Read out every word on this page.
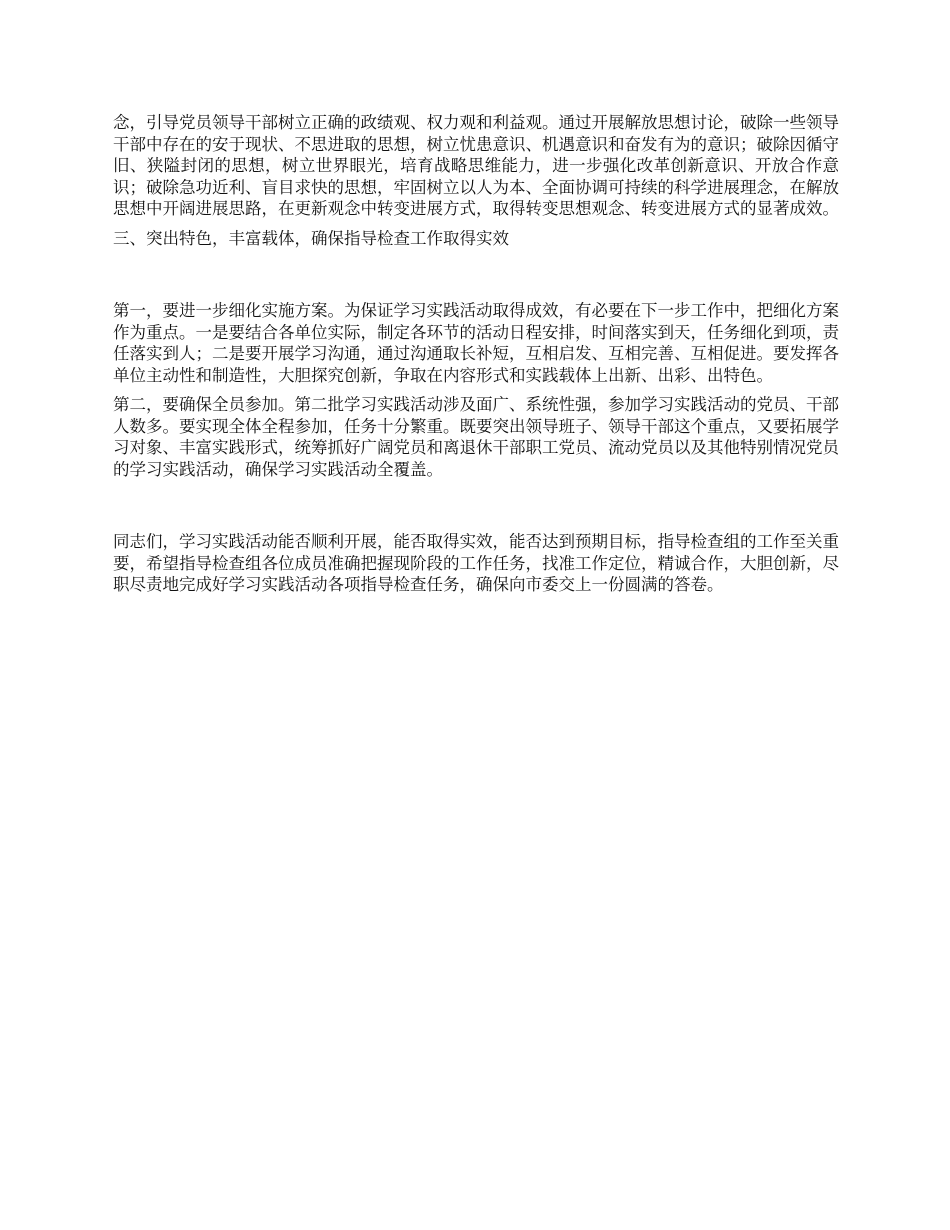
念，引导党员领导干部树立正确的政绩观、权力观和利益观。通过开展解放思想讨论，破除一些领导干部中存在的安于现状、不思进取的思想，树立忧患意识、机遇意识和奋发有为的意识；破除因循守旧、狭隘封闭的思想，树立世界眼光，培育战略思维能力，进一步强化改革创新意识、开放合作意识；破除急功近利、盲目求快的思想，牢固树立以人为本、全面协调可持续的科学进展理念，在解放思想中开阔进展思路，在更新观念中转变进展方式，取得转变思想观念、转变进展方式的显著成效。

三、突出特色，丰富载体，确保指导检查工作取得实效

第一，要进一步细化实施方案。为保证学习实践活动取得成效，有必要在下一步工作中，把细化方案作为重点。一是要结合各单位实际，制定各环节的活动日程安排，时间落实到天，任务细化到项，责任落实到人；二是要开展学习沟通，通过沟通取长补短，互相启发、互相完善、互相促进。要发挥各单位主动性和制造性，大胆探究创新，争取在内容形式和实践载体上出新、出彩、出特色。

第二，要确保全员参加。第二批学习实践活动涉及面广、系统性强，参加学习实践活动的党员、干部人数多。要实现全体全程参加，任务十分繁重。既要突出领导班子、领导干部这个重点，又要拓展学习对象、丰富实践形式，统筹抓好广阔党员和离退休干部职工党员、流动党员以及其他特别情况党员的学习实践活动，确保学习实践活动全覆盖。

同志们，学习实践活动能否顺利开展，能否取得实效，能否达到预期目标，指导检查组的工作至关重要，希望指导检查组各位成员准确把握现阶段的工作任务，找准工作定位，精诚合作，大胆创新，尽职尽责地完成好学习实践活动各项指导检查任务，确保向市委交上一份圆满的答卷。
